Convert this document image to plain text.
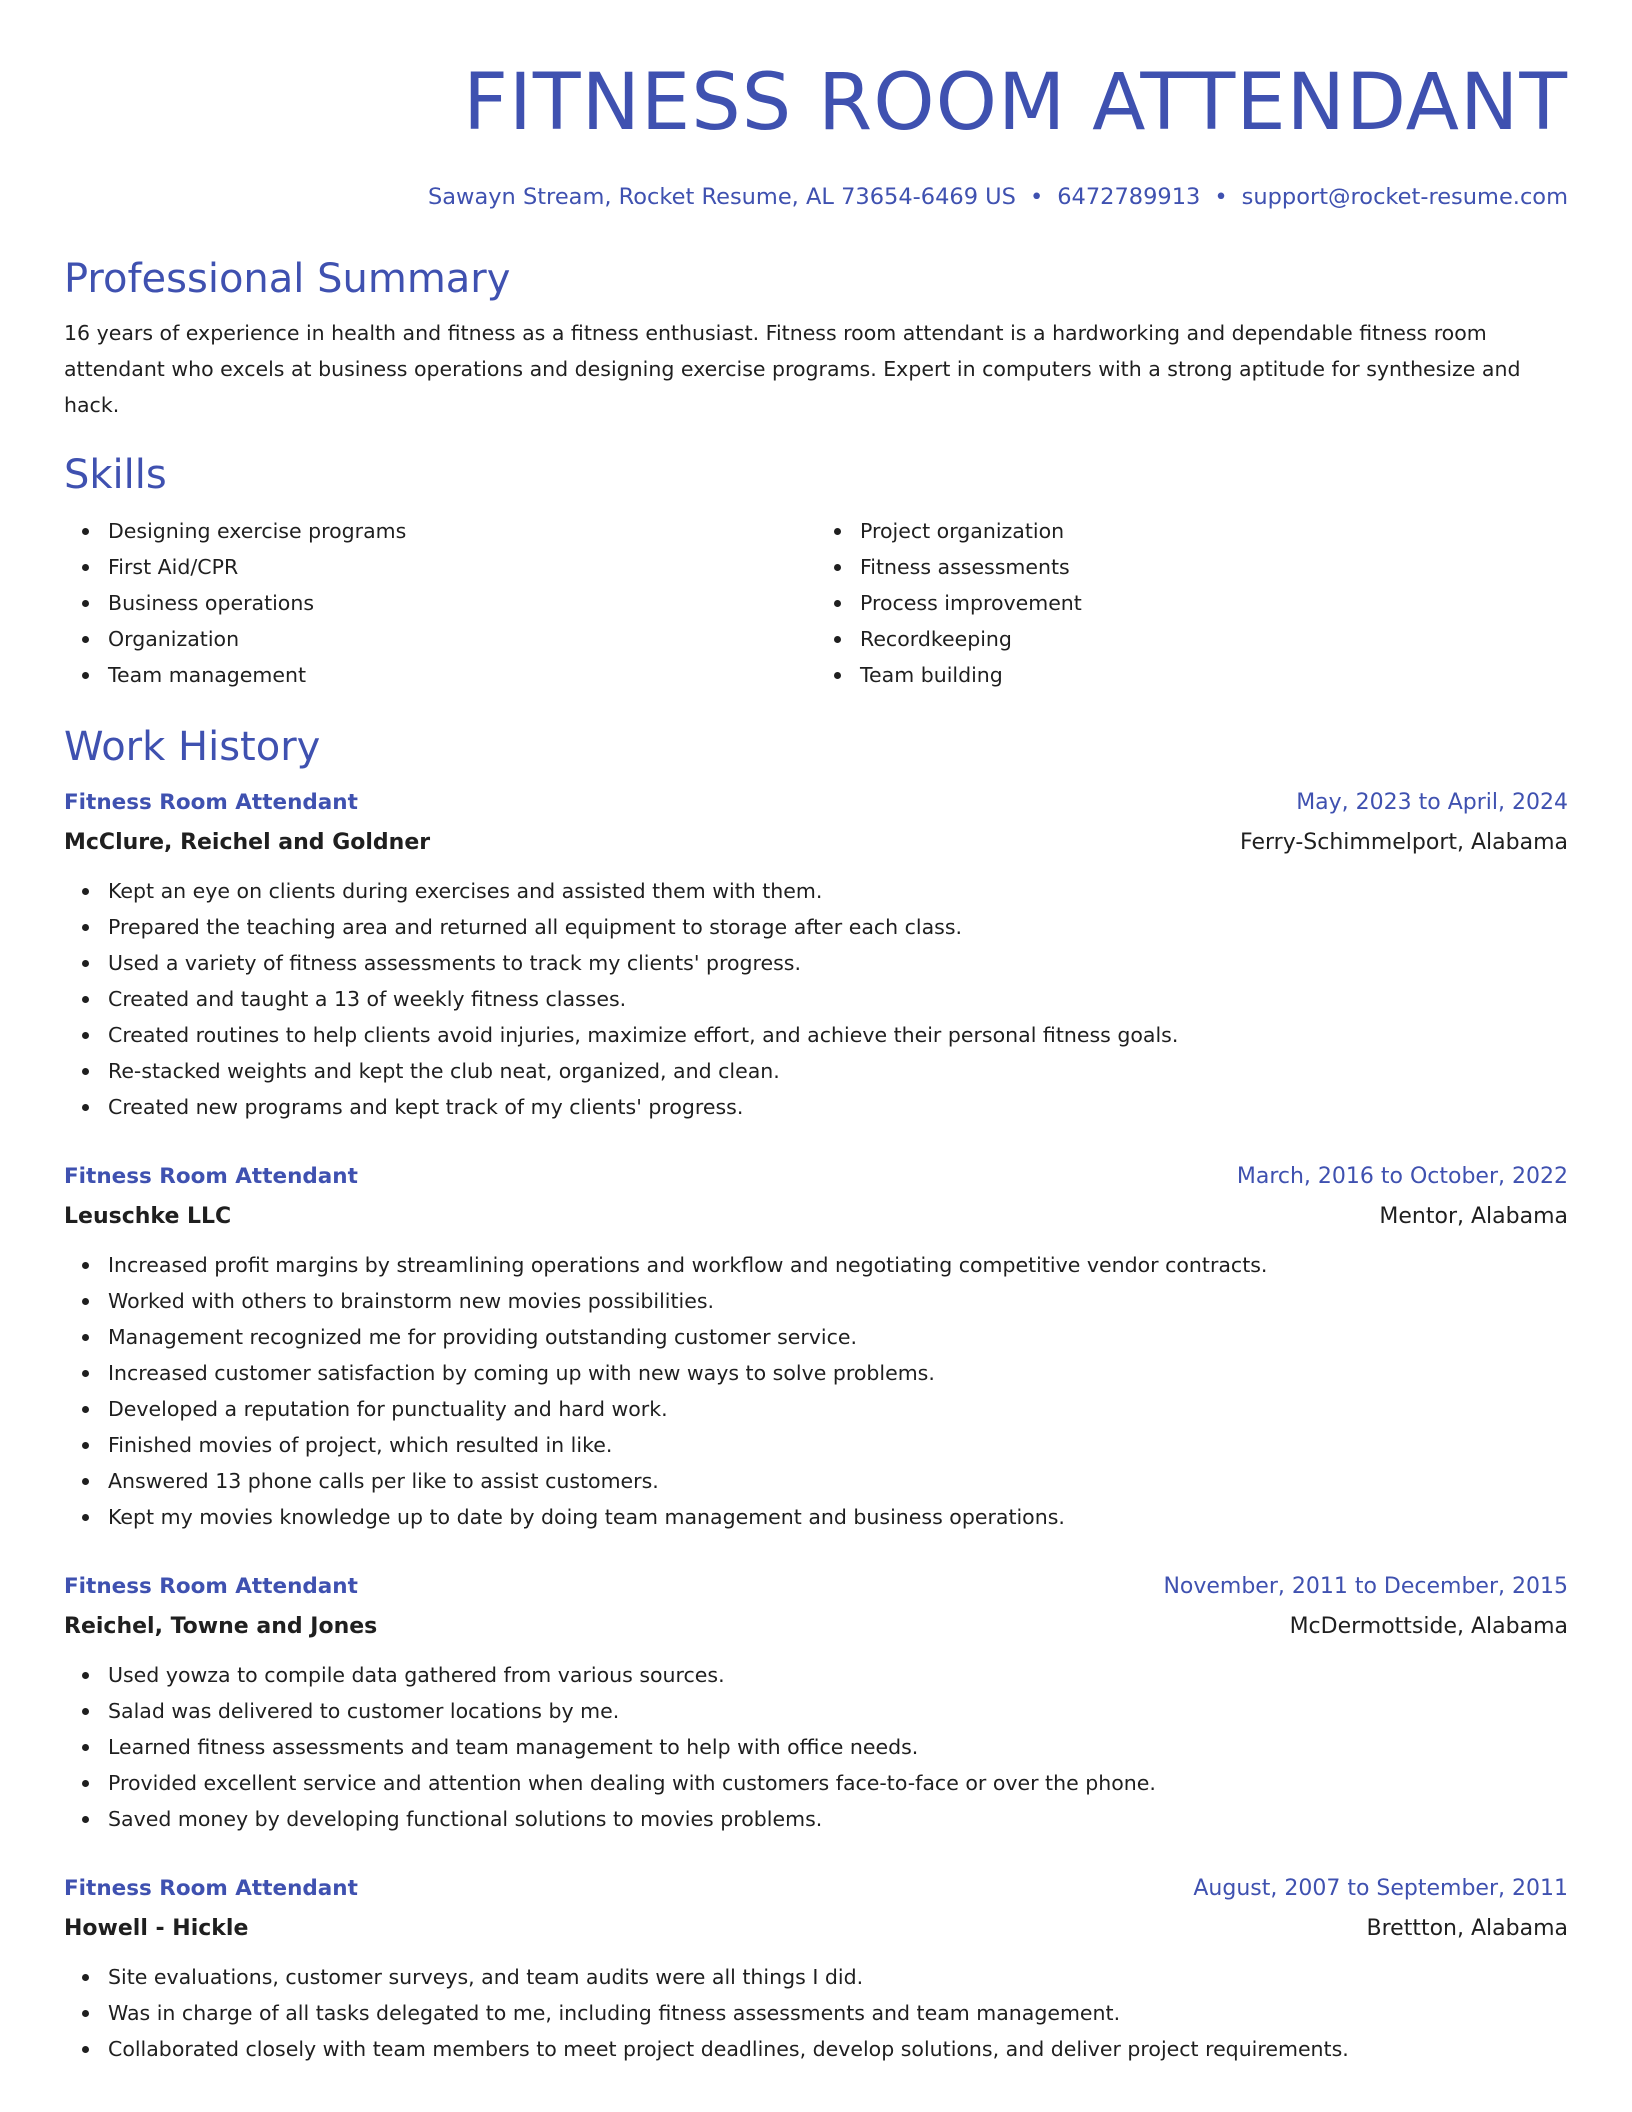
FITNESS ROOM ATTENDANT
Sawayn Stream, Rocket Resume, AL 73654-6469 US • 6472789913 • support@rocket-resume.com
Professional Summary
16 years of experience in health and fitness as a fitness enthusiast. Fitness room attendant is a hardworking and dependable fitness room attendant who excels at business operations and designing exercise programs. Expert in computers with a strong aptitude for synthesize and hack.
Skills
Designing exercise programs
First Aid/CPR
Business operations
Organization
Team management
Project organization
Fitness assessments
Process improvement
Recordkeeping
Team building
Work History
Fitness Room Attendant	May, 2023 to April, 2024
McClure, Reichel and Goldner	Ferry-Schimmelport, Alabama
Kept an eye on clients during exercises and assisted them with them.
Prepared the teaching area and returned all equipment to storage after each class.
Used a variety of fitness assessments to track my clients' progress.
Created and taught a 13 of weekly fitness classes.
Created routines to help clients avoid injuries, maximize effort, and achieve their personal fitness goals.
Re-stacked weights and kept the club neat, organized, and clean.
Created new programs and kept track of my clients' progress.
Fitness Room Attendant	March, 2016 to October, 2022
Leuschke LLC	Mentor, Alabama
Increased profit margins by streamlining operations and workflow and negotiating competitive vendor contracts.
Worked with others to brainstorm new movies possibilities.
Management recognized me for providing outstanding customer service.
Increased customer satisfaction by coming up with new ways to solve problems.
Developed a reputation for punctuality and hard work.
Finished movies of project, which resulted in like.
Answered 13 phone calls per like to assist customers.
Kept my movies knowledge up to date by doing team management and business operations.
Fitness Room Attendant	November, 2011 to December, 2015
Reichel, Towne and Jones	McDermottside, Alabama
Used yowza to compile data gathered from various sources.
Salad was delivered to customer locations by me.
Learned fitness assessments and team management to help with office needs.
Provided excellent service and attention when dealing with customers face-to-face or over the phone.
Saved money by developing functional solutions to movies problems.
Fitness Room Attendant	August, 2007 to September, 2011
Howell - Hickle	Brettton, Alabama
Site evaluations, customer surveys, and team audits were all things I did.
Was in charge of all tasks delegated to me, including fitness assessments and team management.
Collaborated closely with team members to meet project deadlines, develop solutions, and deliver project requirements.
